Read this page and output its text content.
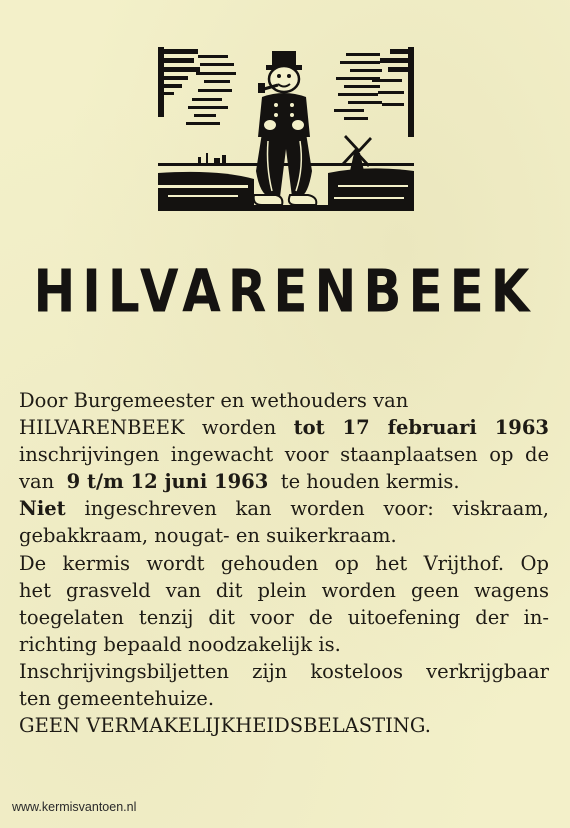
HILVARENBEEK
Door Burgemeester en wethouders van
HILVARENBEEK worden tot 17 februari 1963
inschrijvingen ingewacht voor staanplaatsen op de
van 9 t/m 12 juni 1963 te houden kermis.
Niet ingeschreven kan worden voor: viskraam,
gebakkraam, nougat- en suikerkraam.
De kermis wordt gehouden op het Vrijthof. Op
het grasveld van dit plein worden geen wagens
toegelaten tenzij dit voor de uitoefening der in-
richting bepaald noodzakelijk is.
Inschrijvingsbiljetten zijn kosteloos verkrijgbaar
ten gemeentehuize.
GEEN VERMAKELIJKHEIDSBELASTING.
www.kermisvantoen.nl
